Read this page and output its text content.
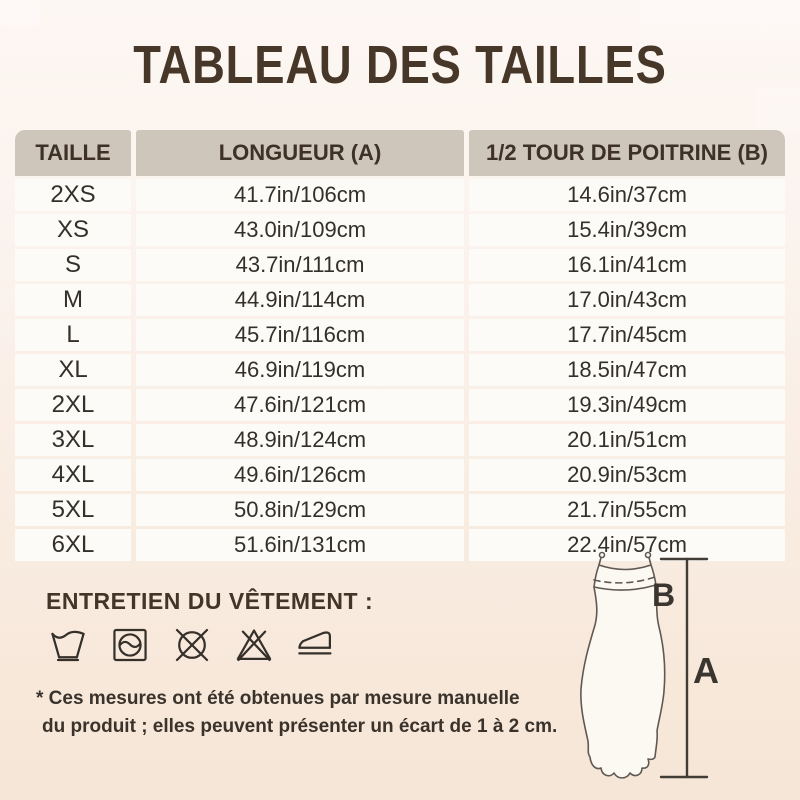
TABLEAU DES TAILLES
TAILLE	LONGUEUR (A)	1/2 TOUR DE POITRINE (B)
2XS	41.7in/106cm	14.6in/37cm
XS	43.0in/109cm	15.4in/39cm
S	43.7in/111cm	16.1in/41cm
M	44.9in/114cm	17.0in/43cm
L	45.7in/116cm	17.7in/45cm
XL	46.9in/119cm	18.5in/47cm
2XL	47.6in/121cm	19.3in/49cm
3XL	48.9in/124cm	20.1in/51cm
4XL	49.6in/126cm	20.9in/53cm
5XL	50.8in/129cm	21.7in/55cm
6XL	51.6in/131cm	22.4in/57cm
ENTRETIEN DU VÊTEMENT :

* Ces mesures ont été obtenues par mesure manuelle
du produit ; elles peuvent présenter un écart de 1 à 2 cm.

A
B
